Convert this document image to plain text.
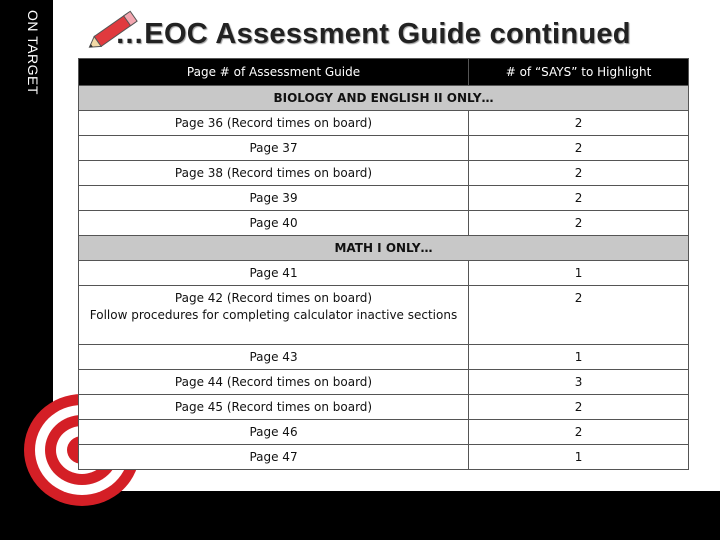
ON TARGET	…EOC Assessment Guide continued
Page # of Assessment Guide	# of “SAYS” to Highlight
BIOLOGY AND ENGLISH II ONLY…	
Page 36 (Record times on board)	2
Page 37	2
Page 38 (Record times on board)	2
Page 39	2
Page 40	2
MATH I ONLY…	
Page 41	1

Page 42 (Record times on board)
Follow procedures for completing calculator inactive sections	2
Page 43	1
Page 44 (Record times on board)	3
Page 45 (Record times on board)	2
Page 46	2
Page 47	1
